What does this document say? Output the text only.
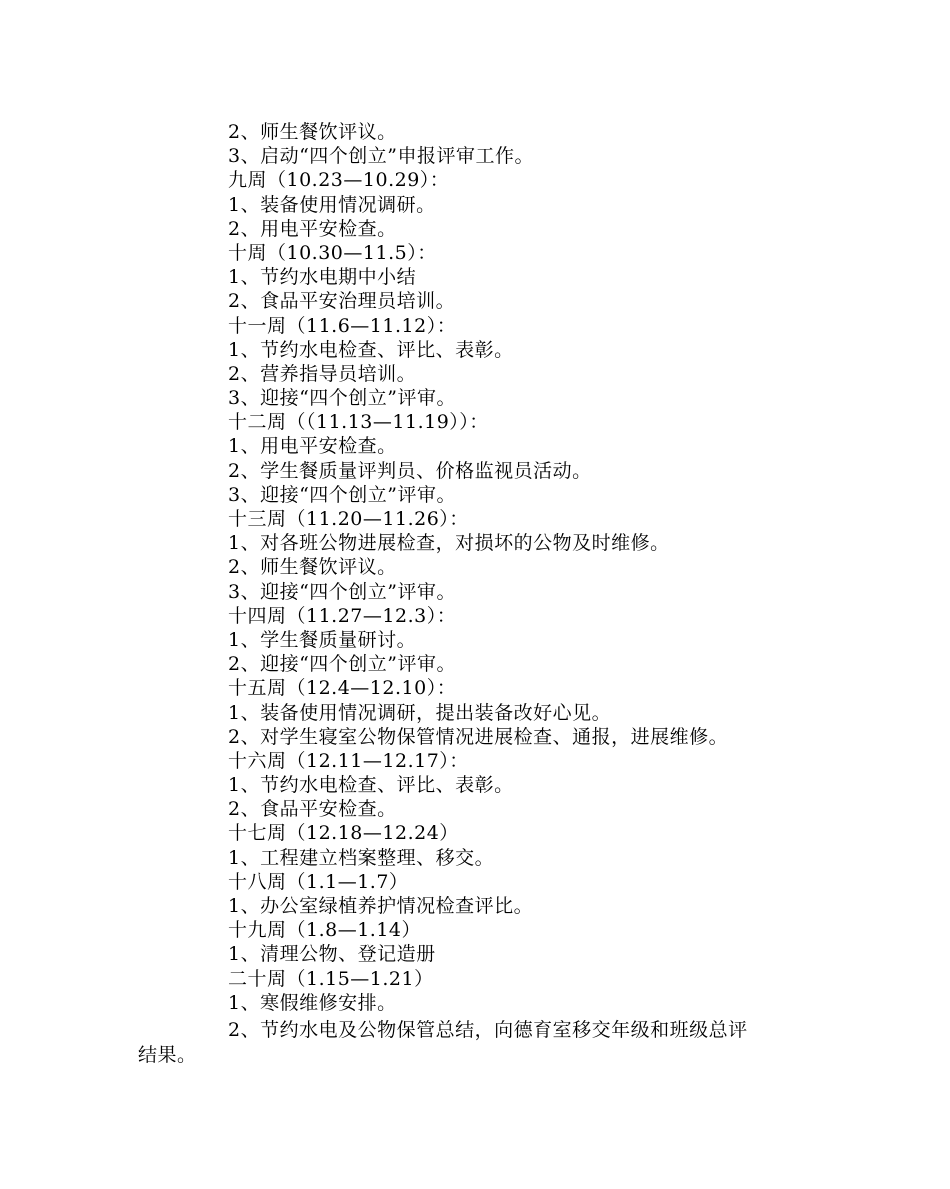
2、师生餐饮评议。
3、启动“四个创立”申报评审工作。
九周（10.23—10.29）：
1、装备使用情况调研。
2、用电平安检查。
十周（10.30—11.5）：
1、节约水电期中小结
2、食品平安治理员培训。
十一周（11.6—11.12）：
1、节约水电检查、评比、表彰。
2、营养指导员培训。
3、迎接“四个创立”评审。
十二周（（11.13—11.19））：
1、用电平安检查。
2、学生餐质量评判员、价格监视员活动。
3、迎接“四个创立”评审。
十三周（11.20—11.26）：
1、对各班公物进展检查，对损坏的公物及时维修。
2、师生餐饮评议。
3、迎接“四个创立”评审。
十四周（11.27—12.3）：
1、学生餐质量研讨。
2、迎接“四个创立”评审。
十五周（12.4—12.10）：
1、装备使用情况调研，提出装备改好心见。
2、对学生寝室公物保管情况进展检查、通报，进展维修。
十六周（12.11—12.17）：
1、节约水电检查、评比、表彰。
2、食品平安检查。
十七周（12.18—12.24）
1、工程建立档案整理、移交。
十八周（1.1—1.7）
1、办公室绿植养护情况检查评比。
十九周（1.8—1.14）
1、清理公物、登记造册
二十周（1.15—1.21）
1、寒假维修安排。
2、节约水电及公物保管总结，向德育室移交年级和班级总评
结果。
